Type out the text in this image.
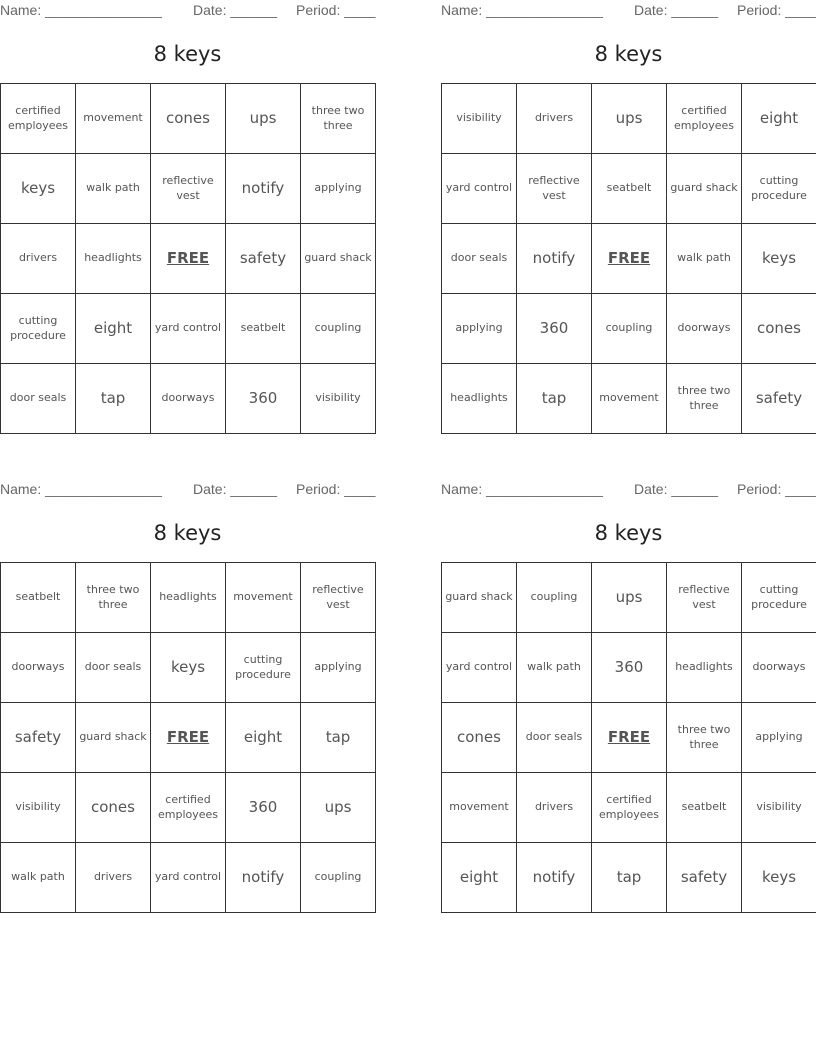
Name: _______________ Date: ______ Period: ____
8 keys
certified employees	movement	cones	ups	three two three
keys	walk path	reflective vest	notify	applying
drivers	headlights	FREE	safety	guard shack
cutting procedure	eight	yard control	seatbelt	coupling
door seals	tap	doorways	360	visibility
Name: _______________ Date: ______ Period: ____
8 keys
visibility	drivers	ups	certified employees	eight
yard control	reflective vest	seatbelt	guard shack	cutting procedure
door seals	notify	FREE	walk path	keys
applying	360	coupling	doorways	cones
headlights	tap	movement	three two three	safety
Name: _______________ Date: ______ Period: ____
8 keys
seatbelt	three two three	headlights	movement	reflective vest
doorways	door seals	keys	cutting procedure	applying
safety	guard shack	FREE	eight	tap
visibility	cones	certified employees	360	ups
walk path	drivers	yard control	notify	coupling
Name: _______________ Date: ______ Period: ____
8 keys
guard shack	coupling	ups	reflective vest	cutting procedure
yard control	walk path	360	headlights	doorways
cones	door seals	FREE	three two three	applying
movement	drivers	certified employees	seatbelt	visibility
eight	notify	tap	safety	keys
